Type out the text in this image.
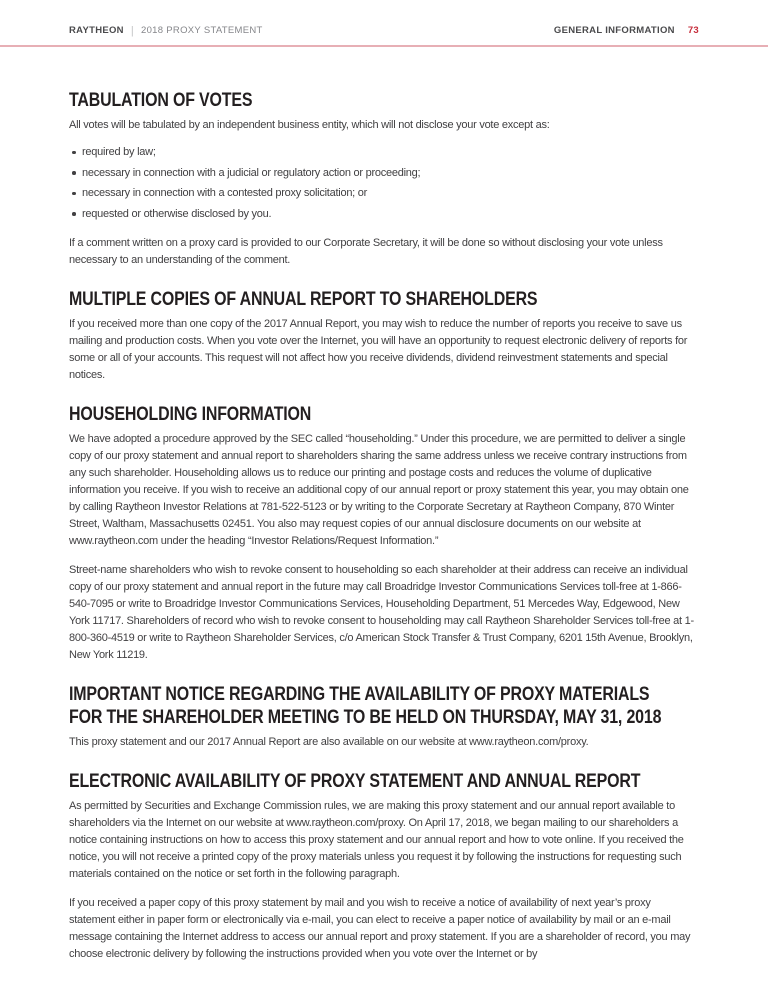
RAYTHEON | 2018 PROXY STATEMENT	GENERAL INFORMATION 73
TABULATION OF VOTES

All votes will be tabulated by an independent business entity, which will not disclose your vote except as:

required by law;
necessary in connection with a judicial or regulatory action or proceeding;
necessary in connection with a contested proxy solicitation; or
requested or otherwise disclosed by you.

If a comment written on a proxy card is provided to our Corporate Secretary, it will be done so without disclosing your vote unless necessary to an understanding of the comment.

MULTIPLE COPIES OF ANNUAL REPORT TO SHAREHOLDERS

If you received more than one copy of the 2017 Annual Report, you may wish to reduce the number of reports you receive to save us mailing and production costs. When you vote over the Internet, you will have an opportunity to request electronic delivery of reports for some or all of your accounts. This request will not affect how you receive dividends, dividend reinvestment statements and special notices.

HOUSEHOLDING INFORMATION

We have adopted a procedure approved by the SEC called “householding.” Under this procedure, we are permitted to deliver a single copy of our proxy statement and annual report to shareholders sharing the same address unless we receive contrary instructions from any such shareholder. Householding allows us to reduce our printing and postage costs and reduces the volume of duplicative information you receive. If you wish to receive an additional copy of our annual report or proxy statement this year, you may obtain one by calling Raytheon Investor Relations at 781-522-5123 or by writing to the Corporate Secretary at Raytheon Company, 870 Winter Street, Waltham, Massachusetts 02451. You also may request copies of our annual disclosure documents on our website at www.raytheon.com under the heading “Investor Relations/Request Information.”

Street-name shareholders who wish to revoke consent to householding so each shareholder at their address can receive an individual copy of our proxy statement and annual report in the future may call Broadridge Investor Communications Services toll-free at 1-866-540-7095 or write to Broadridge Investor Communications Services, Householding Department, 51 Mercedes Way, Edgewood, New York 11717. Shareholders of record who wish to revoke consent to householding may call Raytheon Shareholder Services toll-free at 1-800-360-4519 or write to Raytheon Shareholder Services, c/o American Stock Transfer & Trust Company, 6201 15th Avenue, Brooklyn, New York 11219.

IMPORTANT NOTICE REGARDING THE AVAILABILITY OF PROXY MATERIALS
FOR THE SHAREHOLDER MEETING TO BE HELD ON THURSDAY, MAY 31, 2018

This proxy statement and our 2017 Annual Report are also available on our website at www.raytheon.com/proxy.

ELECTRONIC AVAILABILITY OF PROXY STATEMENT AND ANNUAL REPORT

As permitted by Securities and Exchange Commission rules, we are making this proxy statement and our annual report available to shareholders via the Internet on our website at www.raytheon.com/proxy. On April 17, 2018, we began mailing to our shareholders a notice containing instructions on how to access this proxy statement and our annual report and how to vote online. If you received the notice, you will not receive a printed copy of the proxy materials unless you request it by following the instructions for requesting such materials contained on the notice or set forth in the following paragraph.

If you received a paper copy of this proxy statement by mail and you wish to receive a notice of availability of next year’s proxy statement either in paper form or electronically via e-mail, you can elect to receive a paper notice of availability by mail or an e-mail message containing the Internet address to access our annual report and proxy statement. If you are a shareholder of record, you may choose electronic delivery by following the instructions provided when you vote over the Internet or by
